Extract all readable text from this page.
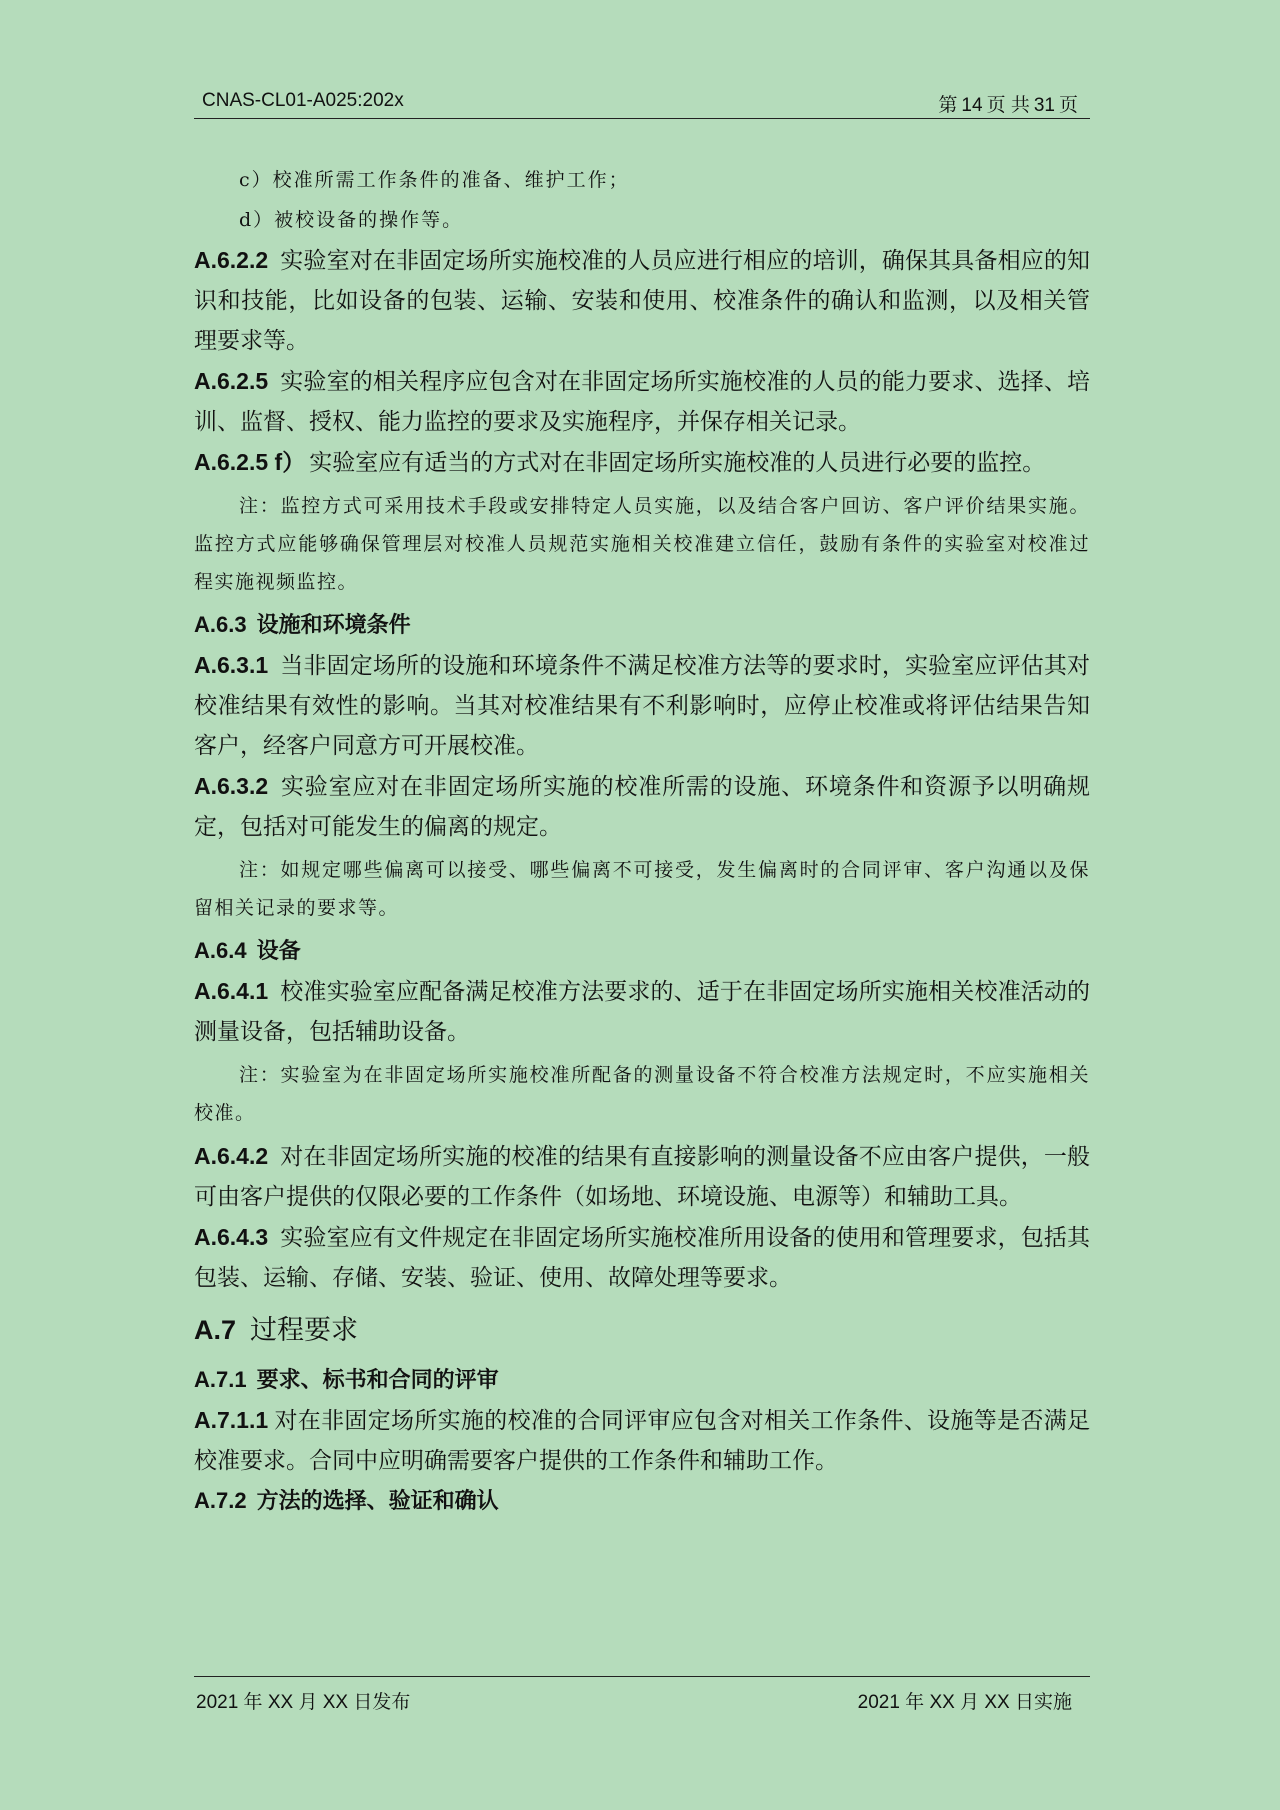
CNAS-CL01-A025:202x	第 14 页 共 31 页

c）校准所需工作条件的准备、维护工作；

d）被校设备的操作等。

A.6.2.2 实验室对在非固定场所实施校准的人员应进行相应的培训，确保其具备相应的知识和技能，比如设备的包装、运输、安装和使用、校准条件的确认和监测，以及相关管理要求等。

A.6.2.5 实验室的相关程序应包含对在非固定场所实施校准的人员的能力要求、选择、培训、监督、授权、能力监控的要求及实施程序，并保存相关记录。

A.6.2.5 f） 实验室应有适当的方式对在非固定场所实施校准的人员进行必要的监控。

注：监控方式可采用技术手段或安排特定人员实施，以及结合客户回访、客户评价结果实施。监控方式应能够确保管理层对校准人员规范实施相关校准建立信任，鼓励有条件的实验室对校准过程实施视频监控。

A.6.3 设施和环境条件

A.6.3.1 当非固定场所的设施和环境条件不满足校准方法等的要求时，实验室应评估其对校准结果有效性的影响。当其对校准结果有不利影响时，应停止校准或将评估结果告知客户，经客户同意方可开展校准。

A.6.3.2 实验室应对在非固定场所实施的校准所需的设施、环境条件和资源予以明确规定，包括对可能发生的偏离的规定。

注：如规定哪些偏离可以接受、哪些偏离不可接受，发生偏离时的合同评审、客户沟通以及保留相关记录的要求等。

A.6.4 设备

A.6.4.1 校准实验室应配备满足校准方法要求的、适于在非固定场所实施相关校准活动的测量设备，包括辅助设备。

注：实验室为在非固定场所实施校准所配备的测量设备不符合校准方法规定时，不应实施相关校准。

A.6.4.2 对在非固定场所实施的校准的结果有直接影响的测量设备不应由客户提供，一般可由客户提供的仅限必要的工作条件（如场地、环境设施、电源等）和辅助工具。

A.6.4.3 实验室应有文件规定在非固定场所实施校准所用设备的使用和管理要求，包括其包装、运输、存储、安装、验证、使用、故障处理等要求。

A.7 过程要求

A.7.1 要求、标书和合同的评审

A.7.1.1 对在非固定场所实施的校准的合同评审应包含对相关工作条件、设施等是否满足校准要求。合同中应明确需要客户提供的工作条件和辅助工作。

A.7.2 方法的选择、验证和确认

2021 年 XX 月 XX 日发布	2021 年 XX 月 XX 日实施
